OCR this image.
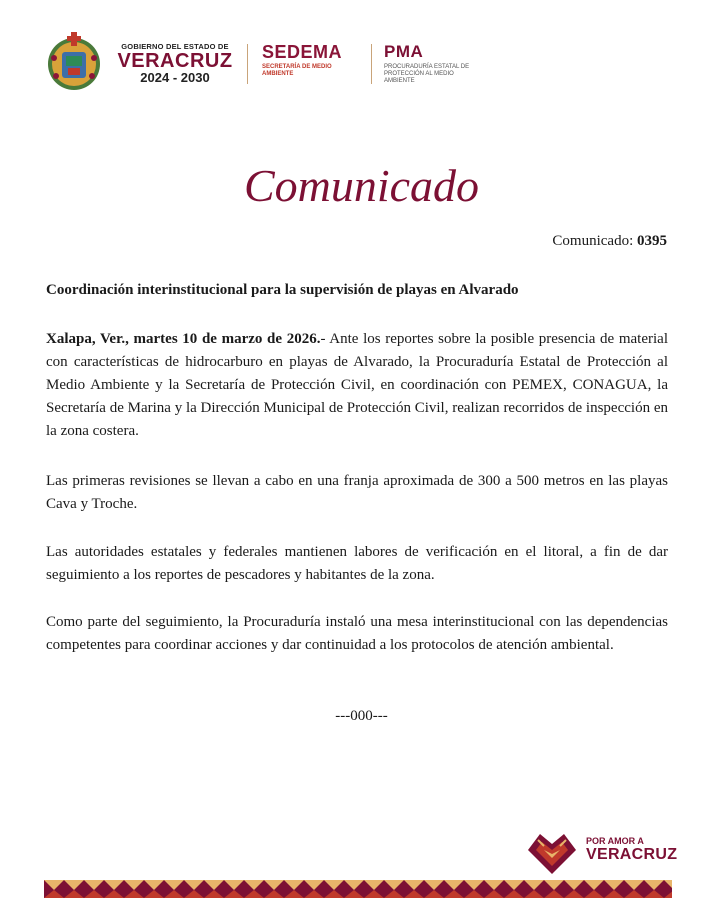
GOBIERNO DEL ESTADO DE
VERACRUZ
2024 - 2030
SEDEMA
SECRETARÍA DE MEDIO AMBIENTE
PMA
PROCURADURÍA ESTATAL DE PROTECCIÓN AL MEDIO AMBIENTE
Comunicado
Comunicado: 0395
Coordinación interinstitucional para la supervisión de playas en Alvarado

Xalapa, Ver., martes 10 de marzo de 2026.- Ante los reportes sobre la posible presencia de material con características de hidrocarburo en playas de Alvarado, la Procuraduría Estatal de Protección al Medio Ambiente y la Secretaría de Protección Civil, en coordinación con PEMEX, CONAGUA, la Secretaría de Marina y la Dirección Municipal de Protección Civil, realizan recorridos de inspección en la zona costera.

Las primeras revisiones se llevan a cabo en una franja aproximada de 300 a 500 metros en las playas Cava y Troche.

Las autoridades estatales y federales mantienen labores de verificación en el litoral, a fin de dar seguimiento a los reportes de pescadores y habitantes de la zona.

Como parte del seguimiento, la Procuraduría instaló una mesa interinstitucional con las dependencias competentes para coordinar acciones y dar continuidad a los protocolos de atención ambiental.

---000---
POR AMOR A
VERACRUZ
